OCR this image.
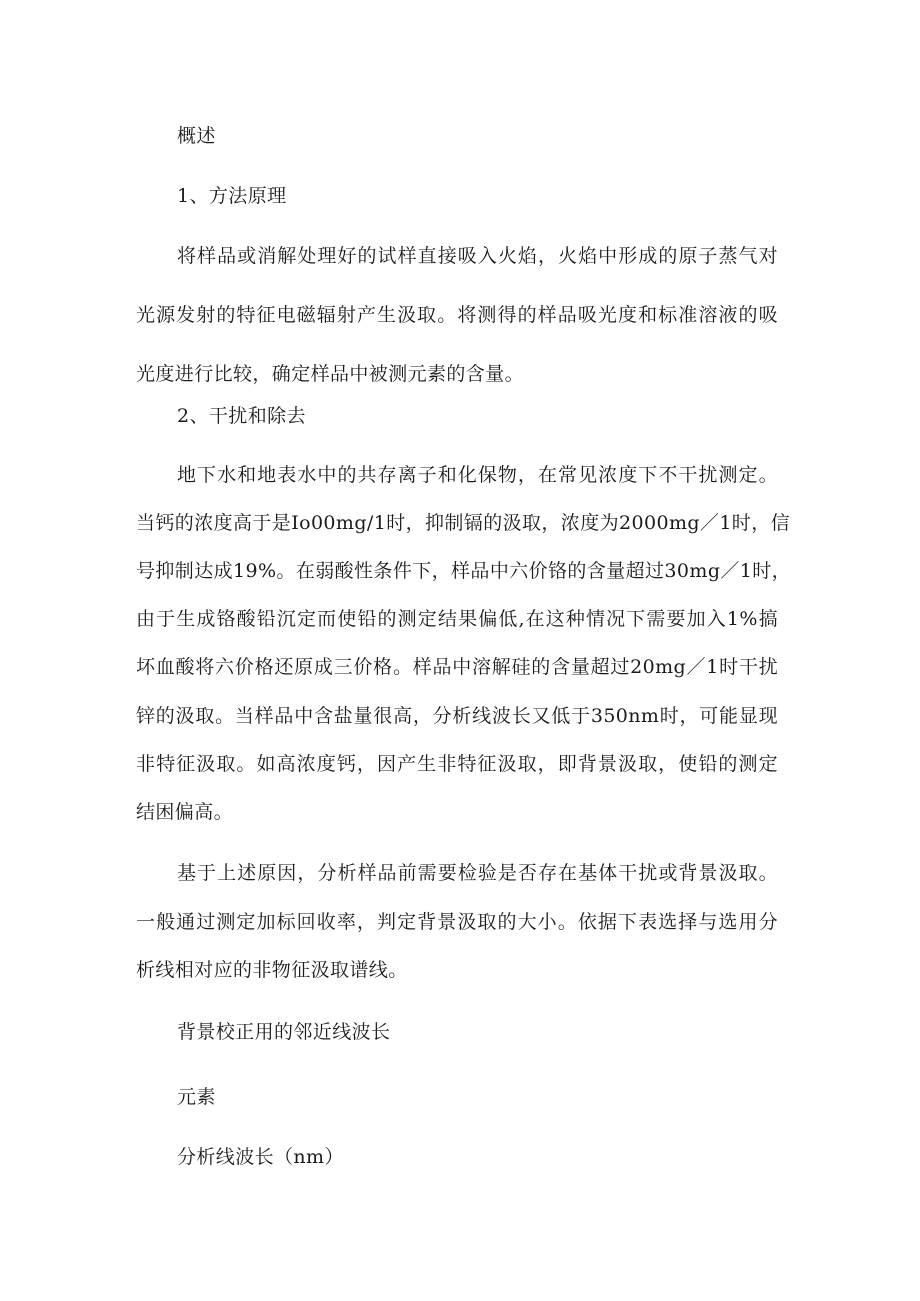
概述
1、方法原理
将样品或消解处理好的试样直接吸入火焰，火焰中形成的原子蒸气对
光源发射的特征电磁辐射产生汲取。将测得的样品吸光度和标准溶液的吸
光度进行比较，确定样品中被测元素的含量。
2、干扰和除去
地下水和地表水中的共存离子和化保物，在常见浓度下不干扰测定。
当钙的浓度高于是Io00mg/1时，抑制镉的汲取，浓度为2000mg／1时，信
号抑制达成19%。在弱酸性条件下，样品中六价铬的含量超过30mg／1时，
由于生成铬酸铅沉定而使铅的测定结果偏低,在这种情况下需要加入1%搞
坏血酸将六价格还原成三价格。样品中溶解硅的含量超过20mg／1时干扰
锌的汲取。当样品中含盐量很高，分析线波长又低于350nm时，可能显现
非特征汲取。如高浓度钙，因产生非特征汲取，即背景汲取，使铅的测定
结困偏高。
基于上述原因，分析样品前需要检验是否存在基体干扰或背景汲取。
一般通过测定加标回收率，判定背景汲取的大小。依据下表选择与选用分
析线相对应的非物征汲取谱线。
背景校正用的邻近线波长
元素
分析线波长（nm）
